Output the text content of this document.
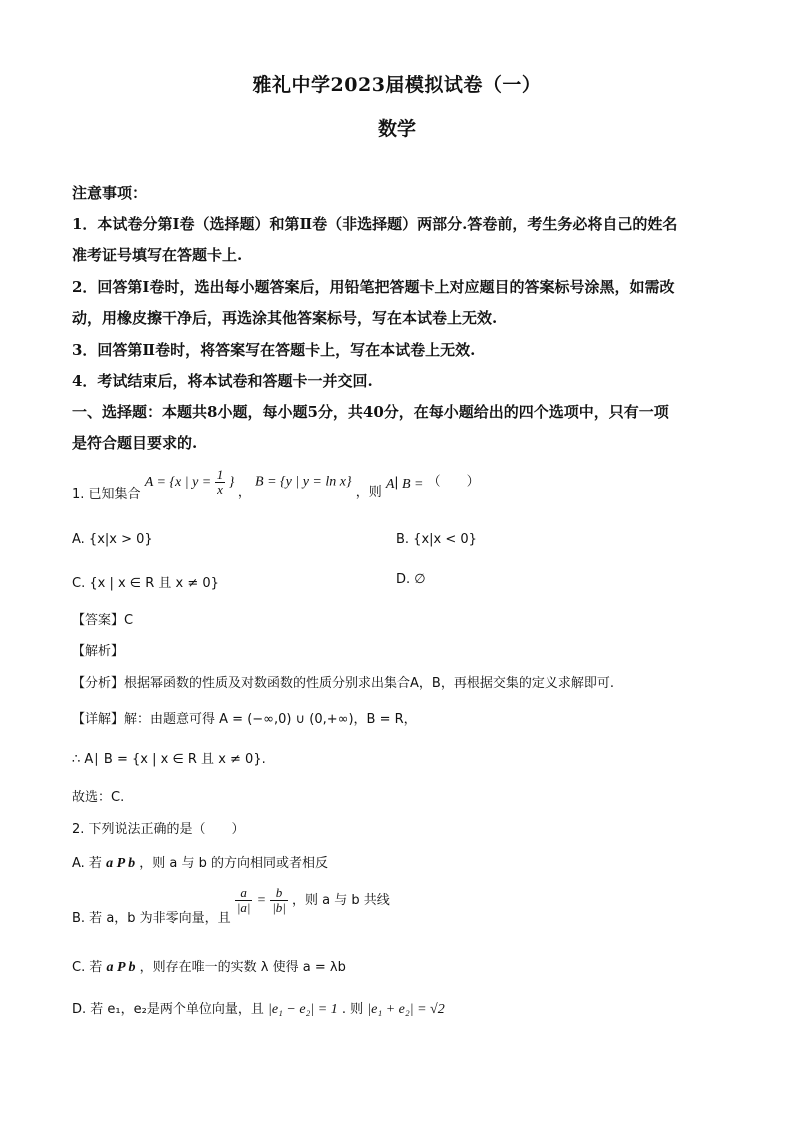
雅礼中学2023届模拟试卷（一）
数学
注意事项：
1．本试卷分第Ⅰ卷（选择题）和第Ⅱ卷（非选择题）两部分.答卷前，考生务必将自己的姓名
准考证号填写在答题卡上.
2．回答第Ⅰ卷时，选出每小题答案后，用铅笔把答题卡上对应题目的答案标号涂黑，如需改
动，用橡皮擦干净后，再选涂其他答案标号，写在本试卷上无效.
3．回答第Ⅱ卷时，将答案写在答题卡上，写在本试卷上无效.
4．考试结束后，将本试卷和答题卡一并交回.
一、选择题：本题共8小题，每小题5分，共40分，在每小题给出的四个选项中，只有一项
是符合题目要求的.
1. 已知集合 A = {x | $y = \frac{1}{x}$ } ， B = {y | y = ln x} ，则 A∣ B = （　　）
A. {x|x > 0}	B. {x|x < 0}
C. {x | x ∈ R 且 x ≠ 0}	D. ∅
【答案】C
【解析】
【分析】根据幂函数的性质及对数函数的性质分别求出集合A，B，再根据交集的定义求解即可.
【详解】解：由题意可得 A = (−∞,0) ∪ (0,+∞)，B = R，
∴ A∣ B = {x | x ∈ R 且 x ≠ 0}.
故选：C.
2. 下列说法正确的是（　　）
A. 若 a P b ，则 a 与 b 的方向相同或者相反
B. 若 a，b 为非零向量，且
$\frac{a}{|a|} = \frac{b}{|b|}$ ，则 a 与 b 共线
C. 若 a P b ，则存在唯一的实数 λ 使得 a = λb
D. 若 e₁，e₂是两个单位向量，且 |e₁ − e₂| = 1 . 则 |e₁ + e₂| = √2
